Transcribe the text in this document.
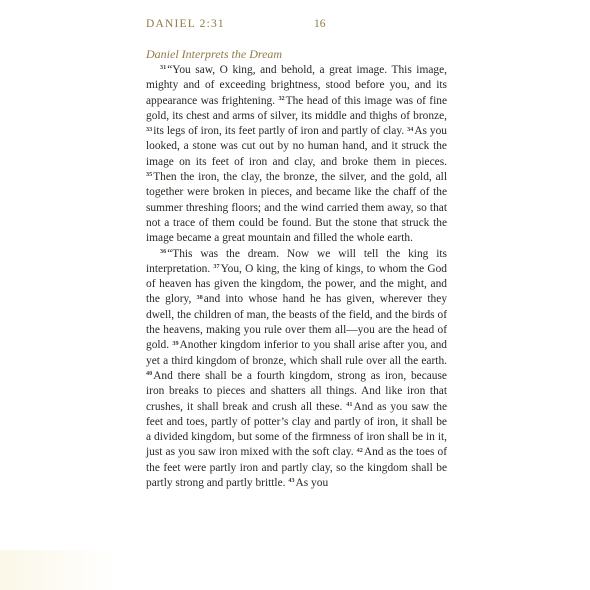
DANIEL 2:31	16
Daniel Interprets the Dream

$^{31}$“You saw, O king, and behold, a great image. This image, mighty and of exceeding brightness, stood before you, and its appearance was frightening. $^{32}$The head of this image was of fine gold, its chest and arms of silver, its middle and thighs of bronze, $^{33}$its legs of iron, its feet partly of iron and partly of clay. $^{34}$As you looked, a stone was cut out by no human hand, and it struck the image on its feet of iron and clay, and broke them in pieces. $^{35}$Then the iron, the clay, the bronze, the silver, and the gold, all together were broken in pieces, and became like the chaff of the summer threshing floors; and the wind carried them away, so that not a trace of them could be found. But the stone that struck the image became a great mountain and filled the whole earth.

$^{36}$“This was the dream. Now we will tell the king its interpretation. $^{37}$You, O king, the king of kings, to whom the God of heaven has given the kingdom, the power, and the might, and the glory, $^{38}$and into whose hand he has given, wherever they dwell, the children of man, the beasts of the field, and the birds of the heavens, making you rule over them all—you are the head of gold. $^{39}$Another kingdom inferior to you shall arise after you, and yet a third kingdom of bronze, which shall rule over all the earth. $^{40}$And there shall be a fourth kingdom, strong as iron, because iron breaks to pieces and shatters all things. And like iron that crushes, it shall break and crush all these. $^{41}$And as you saw the feet and toes, partly of potter’s clay and partly of iron, it shall be a divided kingdom, but some of the firmness of iron shall be in it, just as you saw iron mixed with the soft clay. $^{42}$And as the toes of the feet were partly iron and partly clay, so the kingdom shall be partly strong and partly brittle. $^{43}$As you
